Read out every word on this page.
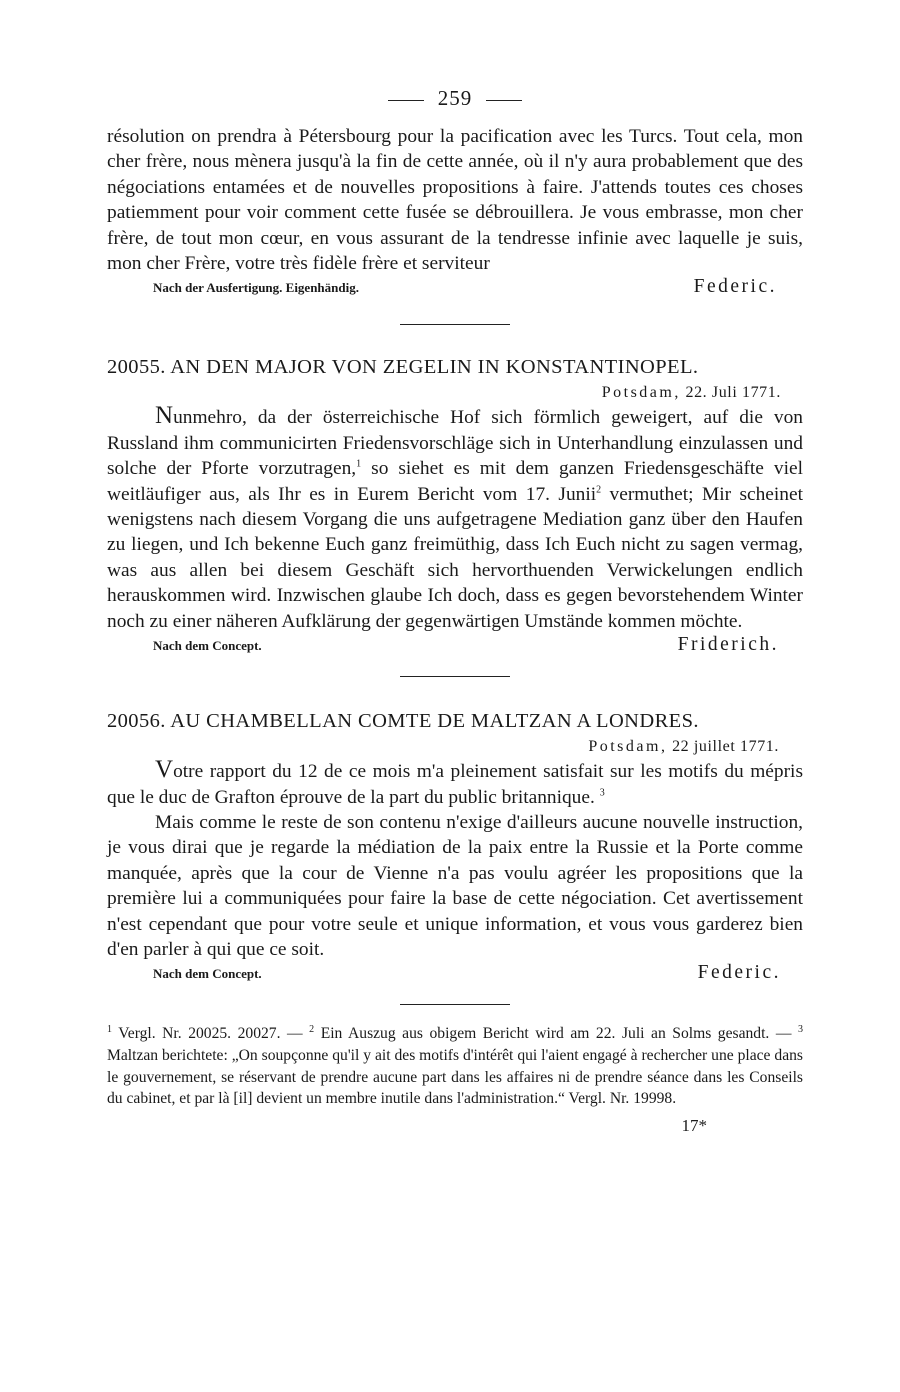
259

résolution on prendra à Pétersbourg pour la pacification avec les Turcs. Tout cela, mon cher frère, nous mènera jusqu'à la fin de cette année, où il n'y aura probablement que des négociations entamées et de nouvelles propositions à faire. J'attends toutes ces choses patiemment pour voir comment cette fusée se débrouillera. Je vous embrasse, mon cher frère, de tout mon cœur, en vous assurant de la tendresse infinie avec laquelle je suis, mon cher Frère, votre très fidèle frère et serviteur

Nach der Ausfertigung. Eigenhändig.	Federic.
20055. AN DEN MAJOR VON ZEGELIN IN KONSTANTINOPEL.
Potsdam, 22. Juli 1771.

Nunmehro, da der österreichische Hof sich förmlich geweigert, auf die von Russland ihm communicirten Friedensvorschläge sich in Unterhandlung einzulassen und solche der Pforte vorzutragen,$^1$ so siehet es mit dem ganzen Friedensgeschäfte viel weitläufiger aus, als Ihr es in Eurem Bericht vom 17. Junii$^2$ vermuthet; Mir scheinet wenigstens nach diesem Vorgang die uns aufgetragene Mediation ganz über den Haufen zu liegen, und Ich bekenne Euch ganz freimüthig, dass Ich Euch nicht zu sagen vermag, was aus allen bei diesem Geschäft sich hervorthuenden Verwickelungen endlich herauskommen wird. Inzwischen glaube Ich doch, dass es gegen bevorstehendem Winter noch zu einer näheren Aufklärung der gegenwärtigen Umstände kommen möchte.

Nach dem Concept.	Friderich.
20056. AU CHAMBELLAN COMTE DE MALTZAN A LONDRES.
Potsdam, 22 juillet 1771.

Votre rapport du 12 de ce mois m'a pleinement satisfait sur les motifs du mépris que le duc de Grafton éprouve de la part du public britannique. $^3$

Mais comme le reste de son contenu n'exige d'ailleurs aucune nouvelle instruction, je vous dirai que je regarde la médiation de la paix entre la Russie et la Porte comme manquée, après que la cour de Vienne n'a pas voulu agréer les propositions que la première lui a communiquées pour faire la base de cette négociation. Cet avertissement n'est cependant que pour votre seule et unique information, et vous vous garderez bien d'en parler à qui que ce soit.

Nach dem Concept.	Federic.

$^1$ Vergl. Nr. 20025. 20027. — $^2$ Ein Auszug aus obigem Bericht wird am 22. Juli an Solms gesandt. — $^3$ Maltzan berichtete: „On soupçonne qu'il y ait des motifs d'intérêt qui l'aient engagé à rechercher une place dans le gouvernement, se réservant de prendre aucune part dans les affaires ni de prendre séance dans les Conseils du cabinet, et par là [il] devient un membre inutile dans l'administration.“ Vergl. Nr. 19998.

17*
